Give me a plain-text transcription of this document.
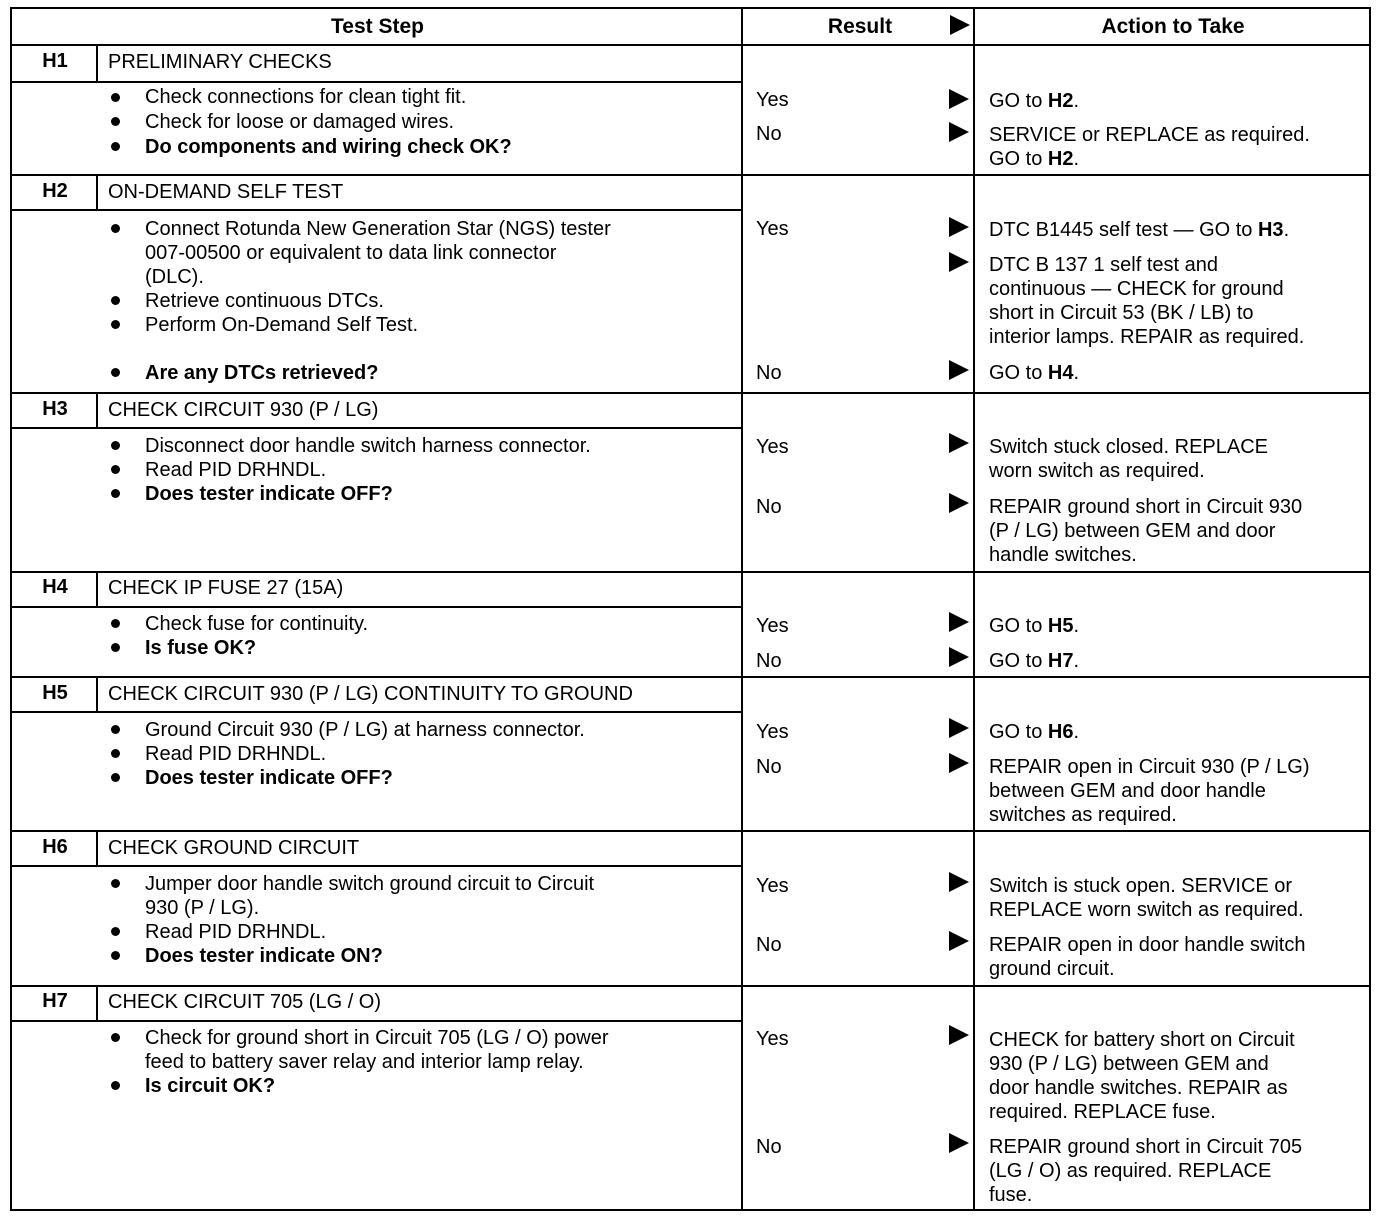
Test Step	Result	Action to Take
H1	PRELIMINARY CHECKS
Check connections for clean tight fit.
Check for loose or damaged wires.
Do components and wiring check OK?
Yes	GO to H2.
No	SERVICE or REPLACE as required.
GO to H2.
H2	ON-DEMAND SELF TEST
Connect Rotunda New Generation Star (NGS) tester
007-00500 or equivalent to data link connector
(DLC).
Retrieve continuous DTCs.
Perform On-Demand Self Test.
Are any DTCs retrieved?
Yes	DTC B1445 self test — GO to H3.
DTC B 137 1 self test and
continuous — CHECK for ground
short in Circuit 53 (BK / LB) to
interior lamps. REPAIR as required.
No	GO to H4.
H3	CHECK CIRCUIT 930 (P / LG)
Disconnect door handle switch harness connector.
Read PID DRHNDL.
Does tester indicate OFF?
Yes	Switch stuck closed. REPLACE
worn switch as required.
No	REPAIR ground short in Circuit 930
(P / LG) between GEM and door
handle switches.
H4	CHECK IP FUSE 27 (15A)
Check fuse for continuity.
Is fuse OK?
Yes	GO to H5.
No	GO to H7.
H5	CHECK CIRCUIT 930 (P / LG) CONTINUITY TO GROUND
Ground Circuit 930 (P / LG) at harness connector.
Read PID DRHNDL.
Does tester indicate OFF?
Yes	GO to H6.
No	REPAIR open in Circuit 930 (P / LG)
between GEM and door handle
switches as required.
H6	CHECK GROUND CIRCUIT
Jumper door handle switch ground circuit to Circuit
930 (P / LG).
Read PID DRHNDL.
Does tester indicate ON?
Yes	Switch is stuck open. SERVICE or
REPLACE worn switch as required.
No	REPAIR open in door handle switch
ground circuit.
H7	CHECK CIRCUIT 705 (LG / O)
Check for ground short in Circuit 705 (LG / O) power
feed to battery saver relay and interior lamp relay.
Is circuit OK?
Yes	CHECK for battery short on Circuit
930 (P / LG) between GEM and
door handle switches. REPAIR as
required. REPLACE fuse.
No	REPAIR ground short in Circuit 705
(LG / O) as required. REPLACE
fuse.
